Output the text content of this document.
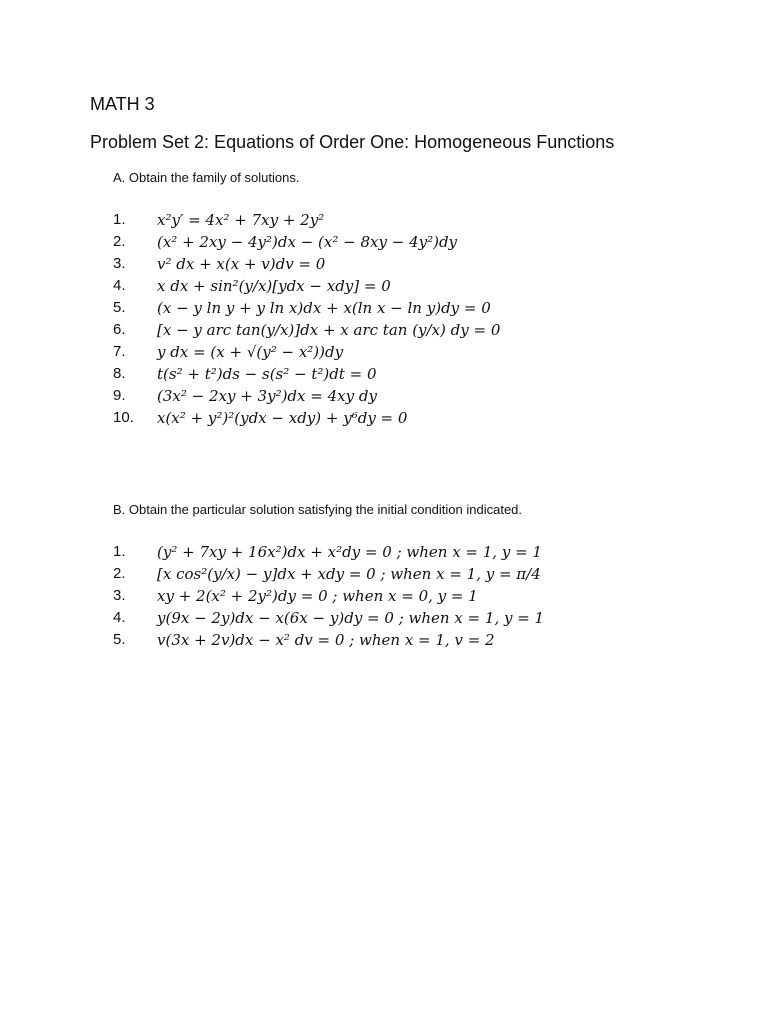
MATH 3
Problem Set 2: Equations of Order One: Homogeneous Functions
A. Obtain the family of solutions.
1.	x²y′ = 4x² + 7xy + 2y²
2.	(x² + 2xy − 4y²)dx − (x² − 8xy − 4y²)dy
3.	v² dx + x(x + v)dv = 0
4.	x dx + sin²(y/x)[ydx − xdy] = 0
5.	(x − y ln y + y ln x)dx + x(ln x − ln y)dy = 0
6.	[x − y arc tan(y/x)]dx + x arc tan (y/x) dy = 0
7.	y dx = (x + √(y² − x²))dy
8.	t(s² + t²)ds − s(s² − t²)dt = 0
9.	(3x² − 2xy + 3y²)dx = 4xy dy
10.	x(x² + y²)²(ydx − xdy) + y⁶dy = 0
B. Obtain the particular solution satisfying the initial condition indicated.
1.	(y² + 7xy + 16x²)dx + x²dy = 0 ; when x = 1, y = 1
2.	[x cos²(y/x) − y]dx + xdy = 0 ; when x = 1, y = π/4
3.	xy + 2(x² + 2y²)dy = 0 ; when x = 0, y = 1
4.	y(9x − 2y)dx − x(6x − y)dy = 0 ; when x = 1, y = 1
5.	v(3x + 2v)dx − x² dv = 0 ; when x = 1, v = 2
